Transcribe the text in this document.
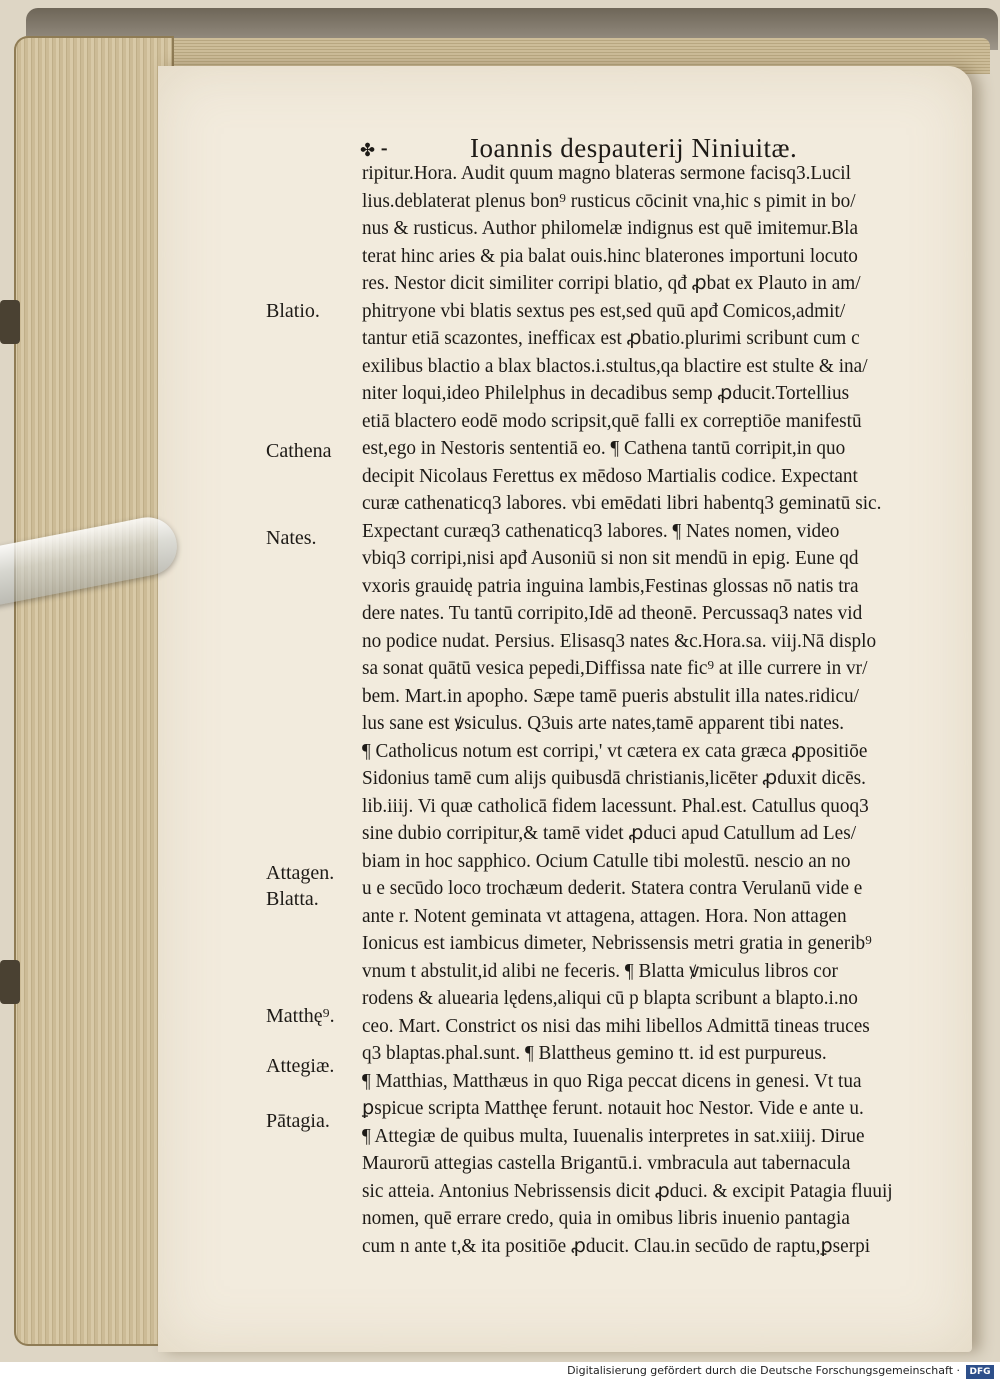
✤ ⁃	Ioannis despauterij Niniuitæ.
ripitur.Hora. Audit quum magno blateras sermone facisq3.Lucil
lius.deblaterat plenus bon⁹ rusticus cōcinit vna,hic s pimit in bo/
nus & rusticus. Author philomelæ indignus est quē imitemur.Bla
terat hinc aries & pia balat ouis.hinc blaterones importuni locuto
res. Nestor dicit similiter corripi blatio, qđ ꝓbat ex Plauto in am/
phitryone vbi blatis sextus pes est,sed quū apđ Comicos,admit/
tantur etiā scazontes, inefficax est ꝓbatio.plurimi scribunt cum c
exilibus blactio a blax blactos.i.stultus,qa blactire est stulte & ina/
niter loqui,ideo Philelphus in decadibus semp ꝓducit.Tortellius
etiā blactero eodē modo scripsit,quē falli ex correptiōe manifestū
est,ego in Nestoris sententiā eo. ¶ Cathena tantū corripit,in quo
decipit Nicolaus Ferettus ex mēdoso Martialis codice. Expectant
curæ cathenaticq3 labores. vbi emēdati libri habentq3 geminatū sic.
Expectant curæq3 cathenaticq3 labores. ¶ Nates nomen, video
vbiq3 corripi,nisi apđ Ausoniū si non sit mendū in epig. Eune qd
vxoris grauidę patria inguina lambis,Festinas glossas nō natis tra
dere nates. Tu tantū corripito,Idē ad theonē. Percussaq3 nates vid
no podice nudat. Persius. Elisasq3 nates &c.Hora.sa. viij.Nā displo
sa sonat quātū vesica pepedi,Diffissa nate fic⁹ at ille currere in vr/
bem. Mart.in apopho. Sæpe tamē pueris abstulit illa nates.ridicu/
lus sane est ꝟsiculus. Q3uis arte nates,tamē apparent tibi nates.
¶ Catholicus notum est corripi,' vt cætera ex cata græca ꝓpositiōe
Sidonius tamē cum alijs quibusdā christianis,licēter ꝓduxit dicēs.
lib.iiij. Vi quæ catholicā fidem lacessunt. Phal.est. Catullus quoq3
sine dubio corripitur,& tamē videt ꝓduci apud Catullum ad Les/
biam in hoc sapphico. Ocium Catulle tibi molestū. nescio an no
u e secūdo loco trochæum dederit. Statera contra Verulanū vide e
ante r. Notent geminata vt attagena, attagen. Hora. Non attagen
Ionicus est iambicus dimeter, Nebrissensis metri gratia in generib⁹
vnum t abstulit,id alibi ne feceris. ¶ Blatta ꝟmiculus libros cor
rodens & aluearia lędens,aliqui cū p blapta scribunt a blapto.i.no
ceo. Mart. Constrict os nisi das mihi libellos Admittā tineas truces
q3 blaptas.phal.sunt. ¶ Blattheus gemino tt. id est purpureus.
¶ Matthias, Matthæus in quo Riga peccat dicens in genesi. Vt tua
ꝑspicue scripta Matthęe ferunt. notauit hoc Nestor. Vide e ante u.
¶ Attegiæ de quibus multa, Iuuenalis interpretes in sat.xiiij. Dirue
Maurorū attegias castella Brigantū.i. vmbracula aut tabernacula
sic atteia. Antonius Nebrissensis dicit ꝓduci. & excipit Patagia fluuij
nomen, quē errare credo, quia in omibus libris inuenio pantagia
cum n ante t,& ita positiōe ꝓducit. Clau.in secūdo de raptu,ꝑserpi
Blatio.
Cathena
Nates.
Attagen.
Blatta.
Matthę⁹.
Attegiæ.
Pātagia.
Digitalisierung gefördert durch die Deutsche Forschungsgemeinschaft ·	DFG
